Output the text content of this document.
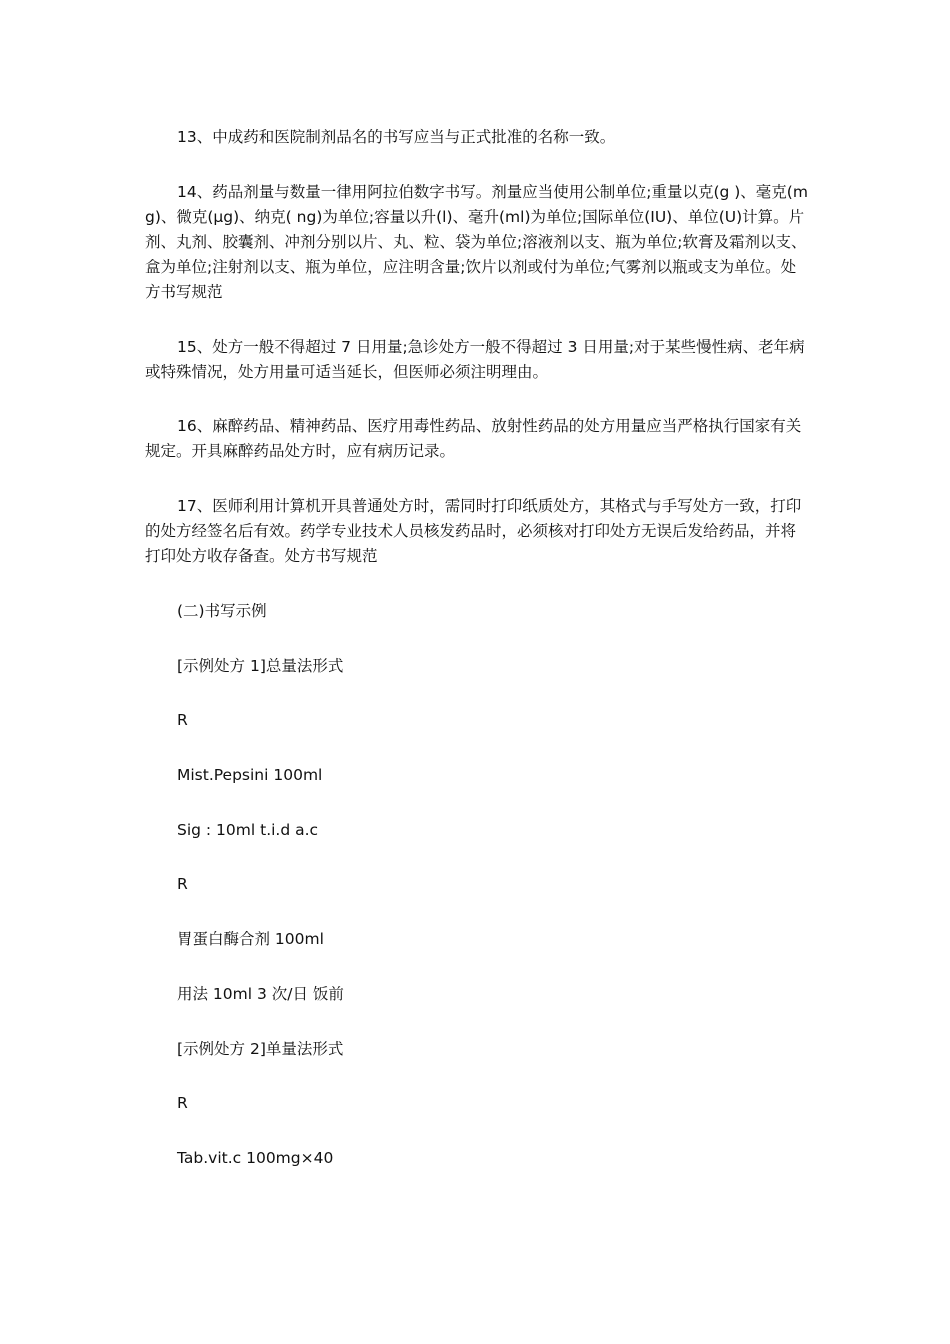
13、中成药和医院制剂品名的书写应当与正式批准的名称一致。

14、药品剂量与数量一律用阿拉伯数字书写。剂量应当使用公制单位;重量以克(g )、毫克(mg)、微克(μg)、纳克( ng)为单位;容量以升(l)、毫升(ml)为单位;国际单位(IU)、单位(U)计算。片剂、丸剂、胶囊剂、冲剂分别以片、丸、粒、袋为单位;溶液剂以支、瓶为单位;软膏及霜剂以支、盒为单位;注射剂以支、瓶为单位，应注明含量;饮片以剂或付为单位;气雾剂以瓶或支为单位。处方书写规范

15、处方一般不得超过 7 日用量;急诊处方一般不得超过 3 日用量;对于某些慢性病、老年病或特殊情况，处方用量可适当延长，但医师必须注明理由。

16、麻醉药品、精神药品、医疗用毒性药品、放射性药品的处方用量应当严格执行国家有关规定。开具麻醉药品处方时，应有病历记录。

17、医师利用计算机开具普通处方时，需同时打印纸质处方，其格式与手写处方一致，打印的处方经签名后有效。药学专业技术人员核发药品时，必须核对打印处方无误后发给药品，并将打印处方收存备查。处方书写规范

(二)书写示例

[示例处方 1]总量法形式

R

Mist.Pepsini 100ml

Sig : 10ml t.i.d a.c

R

胃蛋白酶合剂 100ml

用法 10ml 3 次/日 饭前

[示例处方 2]单量法形式

R

Tab.vit.c 100mg×40
